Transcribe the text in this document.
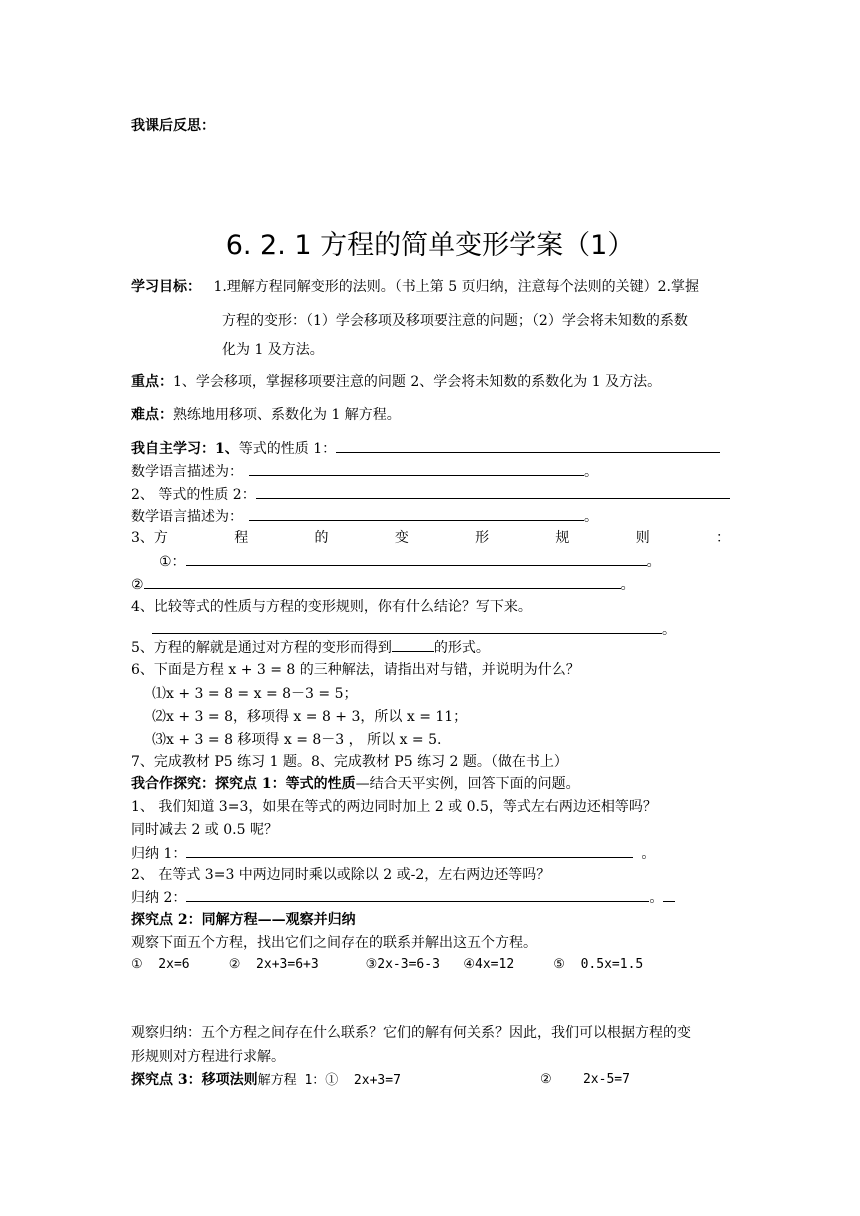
我课后反思：
6. 2. 1 方程的简单变形学案（1）
学习目标： 1.理解方程同解变形的法则。（书上第 5 页归纳，注意每个法则的关键）2.掌握
方程的变形：（1）学会移项及移项要注意的问题；（2）学会将未知数的系数
化为 1 及方法。
重点：1、学会移项，掌握移项要注意的问题 2、学会将未知数的系数化为 1 及方法。
难点：熟练地用移项、系数化为 1 解方程。
我自主学习：1、等式的性质 1：
数学语言描述为：	。
2、 等式的性质 2：
数学语言描述为：	。
3、方	程	的	变	形	规	则	：
①：	。
②	。
4、比较等式的性质与方程的变形规则，你有什么结论？写下来。
。
5、方程的解就是通过对方程的变形而得到	的形式。
6、下面是方程 x + 3 = 8 的三种解法，请指出对与错，并说明为什么？
⑴x + 3 = 8 = x = 8－3 = 5；
⑵x + 3 = 8，移项得 x = 8 + 3，所以 x = 11；
⑶x + 3 = 8 移项得 x = 8－3 ， 所以 x = 5.
7、完成教材 P5 练习 1 题。8、完成教材 P5 练习 2 题。（做在书上）
我合作探究：探究点 1：等式的性质—结合天平实例，回答下面的问题。
1、 我们知道 3=3，如果在等式的两边同时加上 2 或 0.5，等式左右两边还相等吗？
同时减去 2 或 0.5 呢？
归纳 1：	。
2、 在等式 3=3 中两边同时乘以或除以 2 或-2，左右两边还等吗？
归纳 2：	。
探究点 2：同解方程——观察并归纳
观察下面五个方程，找出它们之间存在的联系并解出这五个方程。
①  2x=6     ②  2x+3=6+3      ③2x-3=6-3   ④4x=12     ⑤  0.5x=1.5
观察归纳：五个方程之间存在什么联系？它们的解有何关系？因此，我们可以根据方程的变
形规则对方程进行求解。
探究点 3：移项法则解方程 1：①  2x+3=7	②    2x-5=7
